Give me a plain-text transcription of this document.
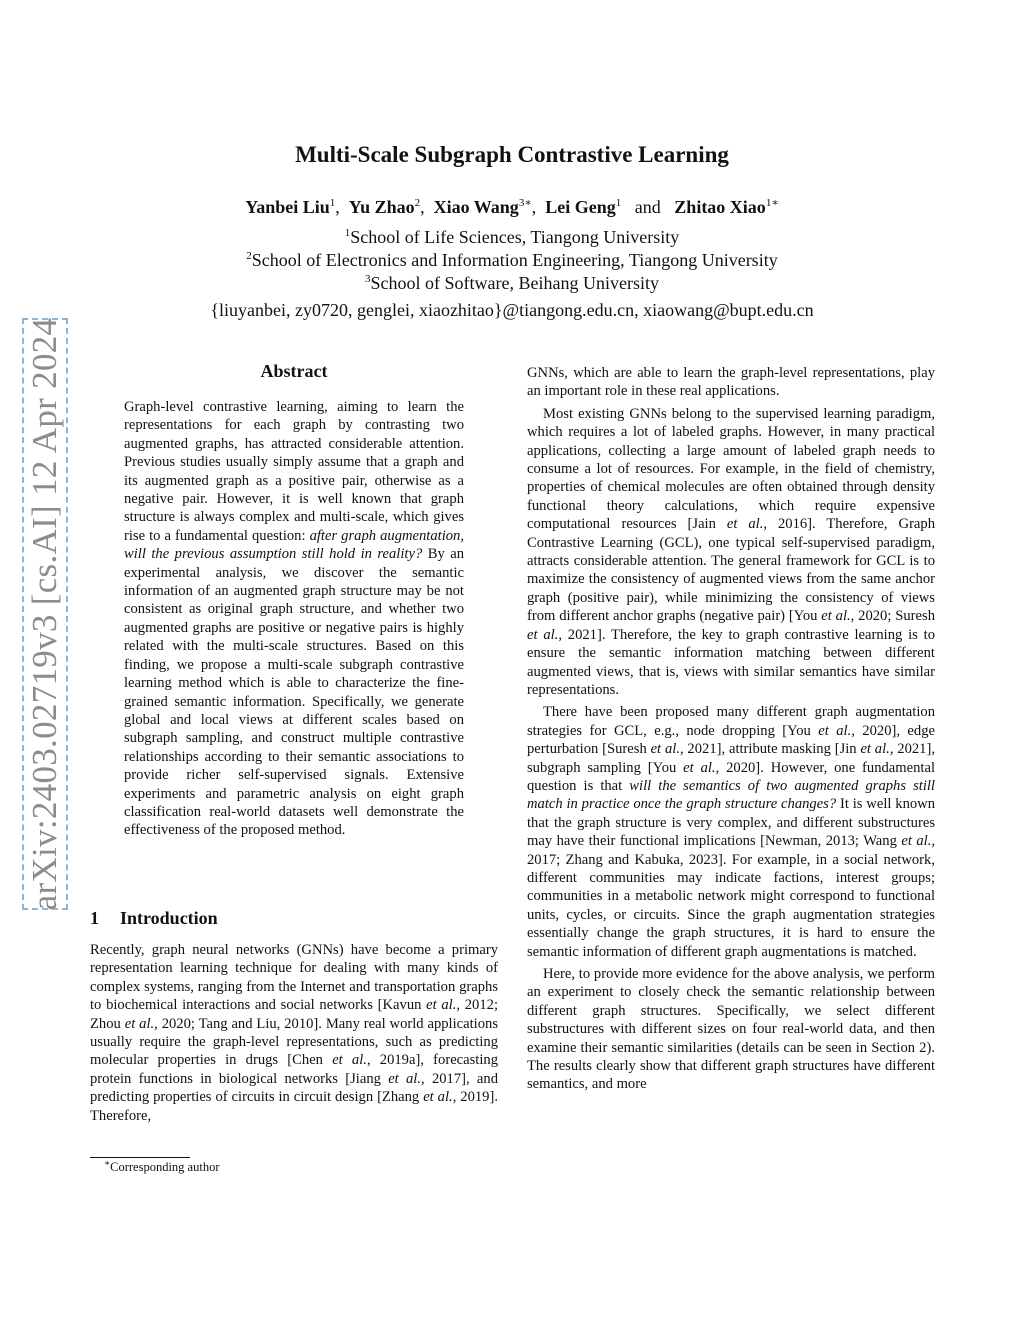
arXiv:2403.02719v3 [cs.AI] 12 Apr 2024
Multi-Scale Subgraph Contrastive Learning
Yanbei Liu$^1$, Yu Zhao$^2$, Xiao Wang$^{3∗}$, Lei Geng$^1$ and Zhitao Xiao$^{1∗}$
$^1$School of Life Sciences, Tiangong University
$^2$School of Electronics and Information Engineering, Tiangong University
$^3$School of Software, Beihang University
{liuyanbei, zy0720, genglei, xiaozhitao}@tiangong.edu.cn, xiaowang@bupt.edu.cn
Abstract

Graph-level contrastive learning, aiming to learn the representations for each graph by contrasting two augmented graphs, has attracted considerable attention. Previous studies usually simply assume that a graph and its augmented graph as a positive pair, otherwise as a negative pair. However, it is well known that graph structure is always complex and multi-scale, which gives rise to a fundamental question: after graph augmentation, will the previous assumption still hold in reality? By an experimental analysis, we discover the semantic information of an augmented graph structure may be not consistent as original graph structure, and whether two augmented graphs are positive or negative pairs is highly related with the multi-scale structures. Based on this finding, we propose a multi-scale subgraph contrastive learning method which is able to characterize the fine-grained semantic information. Specifically, we generate global and local views at different scales based on subgraph sampling, and construct multiple contrastive relationships according to their semantic associations to provide richer self-supervised signals. Extensive experiments and parametric analysis on eight graph classification real-world datasets well demonstrate the effectiveness of the proposed method.

1 Introduction

Recently, graph neural networks (GNNs) have become a primary representation learning technique for dealing with many kinds of complex systems, ranging from the Internet and transportation graphs to biochemical interactions and social networks [Kavun et al., 2012; Zhou et al., 2020; Tang and Liu, 2010]. Many real world applications usually require the graph-level representations, such as predicting molecular properties in drugs [Chen et al., 2019a], forecasting protein functions in biological networks [Jiang et al., 2017], and predicting properties of circuits in circuit design [Zhang et al., 2019]. Therefore,

∗Corresponding author

GNNs, which are able to learn the graph-level representations, play an important role in these real applications.

Most existing GNNs belong to the supervised learning paradigm, which requires a lot of labeled graphs. However, in many practical applications, collecting a large amount of labeled graph needs to consume a lot of resources. For example, in the field of chemistry, properties of chemical molecules are often obtained through density functional theory calculations, which require expensive computational resources [Jain et al., 2016]. Therefore, Graph Contrastive Learning (GCL), one typical self-supervised paradigm, attracts considerable attention. The general framework for GCL is to maximize the consistency of augmented views from the same anchor graph (positive pair), while minimizing the consistency of views from different anchor graphs (negative pair) [You et al., 2020; Suresh et al., 2021]. Therefore, the key to graph contrastive learning is to ensure the semantic information matching between different augmented views, that is, views with similar semantics have similar representations.

There have been proposed many different graph augmentation strategies for GCL, e.g., node dropping [You et al., 2020], edge perturbation [Suresh et al., 2021], attribute masking [Jin et al., 2021], subgraph sampling [You et al., 2020]. However, one fundamental question is that will the semantics of two augmented graphs still match in practice once the graph structure changes? It is well known that the graph structure is very complex, and different substructures may have their functional implications [Newman, 2013; Wang et al., 2017; Zhang and Kabuka, 2023]. For example, in a social network, different communities may indicate factions, interest groups; communities in a metabolic network might correspond to functional units, cycles, or circuits. Since the graph augmentation strategies essentially change the graph structures, it is hard to ensure the semantic information of different graph augmentations is matched.

Here, to provide more evidence for the above analysis, we perform an experiment to closely check the semantic relationship between different graph structures. Specifically, we select different substructures with different sizes on four real-world data, and then examine their semantic similarities (details can be seen in Section 2). The results clearly show that different graph structures have different semantics, and more
